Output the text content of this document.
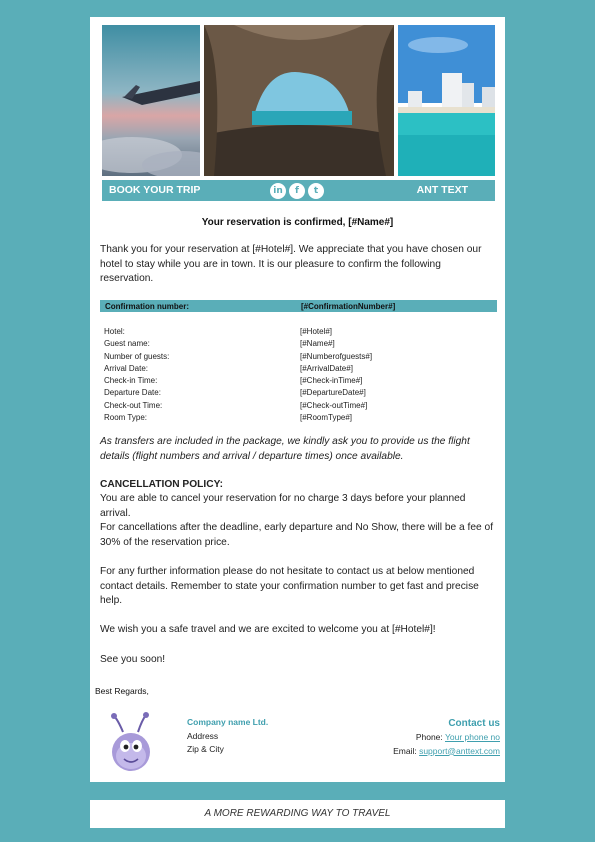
BOOK YOUR TRIP	in	f	t	ANT TEXT
Your reservation is confirmed, [#Name#]

Thank you for your reservation at [#Hotel#]. We appreciate that you have chosen our hotel to stay while you are in town. It is our pleasure to confirm the following reservation.

Confirmation number:	[#ConfirmationNumber#]
Hotel:	[#Hotel#]
Guest name:	[#Name#]
Number of guests:	[#Numberofguests#]
Arrival Date:	[#ArrivalDate#]
Check-in Time:	[#Check-inTime#]
Departure Date:	[#DepartureDate#]
Check-out Time:	[#Check-outTime#]
Room Type:	[#RoomType#]

As transfers are included in the package, we kindly ask you to provide us the flight details (flight numbers and arrival / departure times) once available.

CANCELLATION POLICY:

You are able to cancel your reservation for no charge 3 days before your planned arrival.

For cancellations after the deadline, early departure and No Show, there will be a fee of 30% of the reservation price.

For any further information please do not hesitate to contact us at below mentioned contact details. Remember to state your confirmation number to get fast and precise help.

We wish you a safe travel and we are excited to welcome you at [#Hotel#]!

See you soon!

Best Regards,
Company name Ltd.
Address
Zip & City
Contact us
Phone: Your phone no
Email: support@anttext.com
A MORE REWARDING WAY TO TRAVEL
